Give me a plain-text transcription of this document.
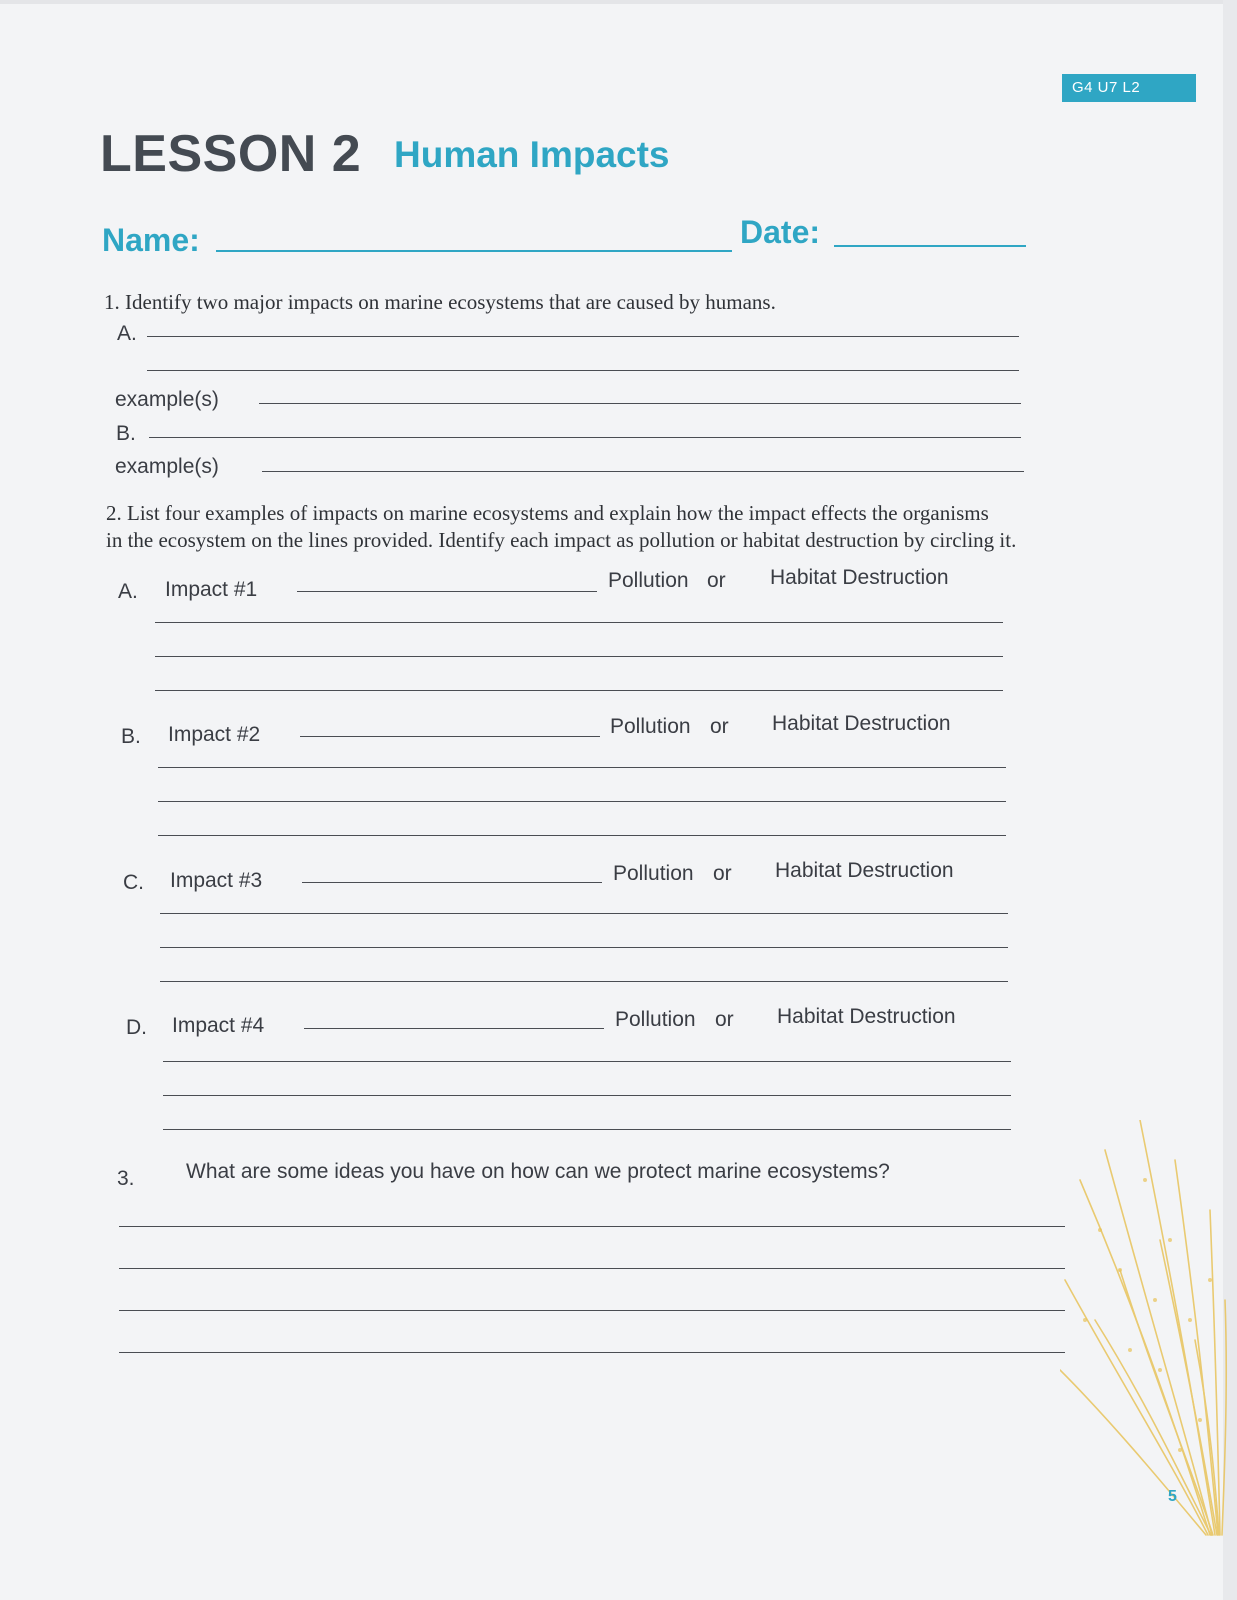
G4 U7 L2
LESSON 2 Human Impacts
Name:	Date:
1. Identify two major impacts on marine ecosystems that are caused by humans.
A.
example(s)
B.
example(s)
2. List four examples of impacts on marine ecosystems and explain how the impact effects the organisms
in the ecosystem on the lines provided. Identify each impact as pollution or habitat destruction by circling it.
A. Impact #1	Pollution or Habitat Destruction
B. Impact #2	Pollution or Habitat Destruction
C. Impact #3	Pollution or Habitat Destruction
D. Impact #4	Pollution or Habitat Destruction
3. What are some ideas you have on how can we protect marine ecosystems?
5
